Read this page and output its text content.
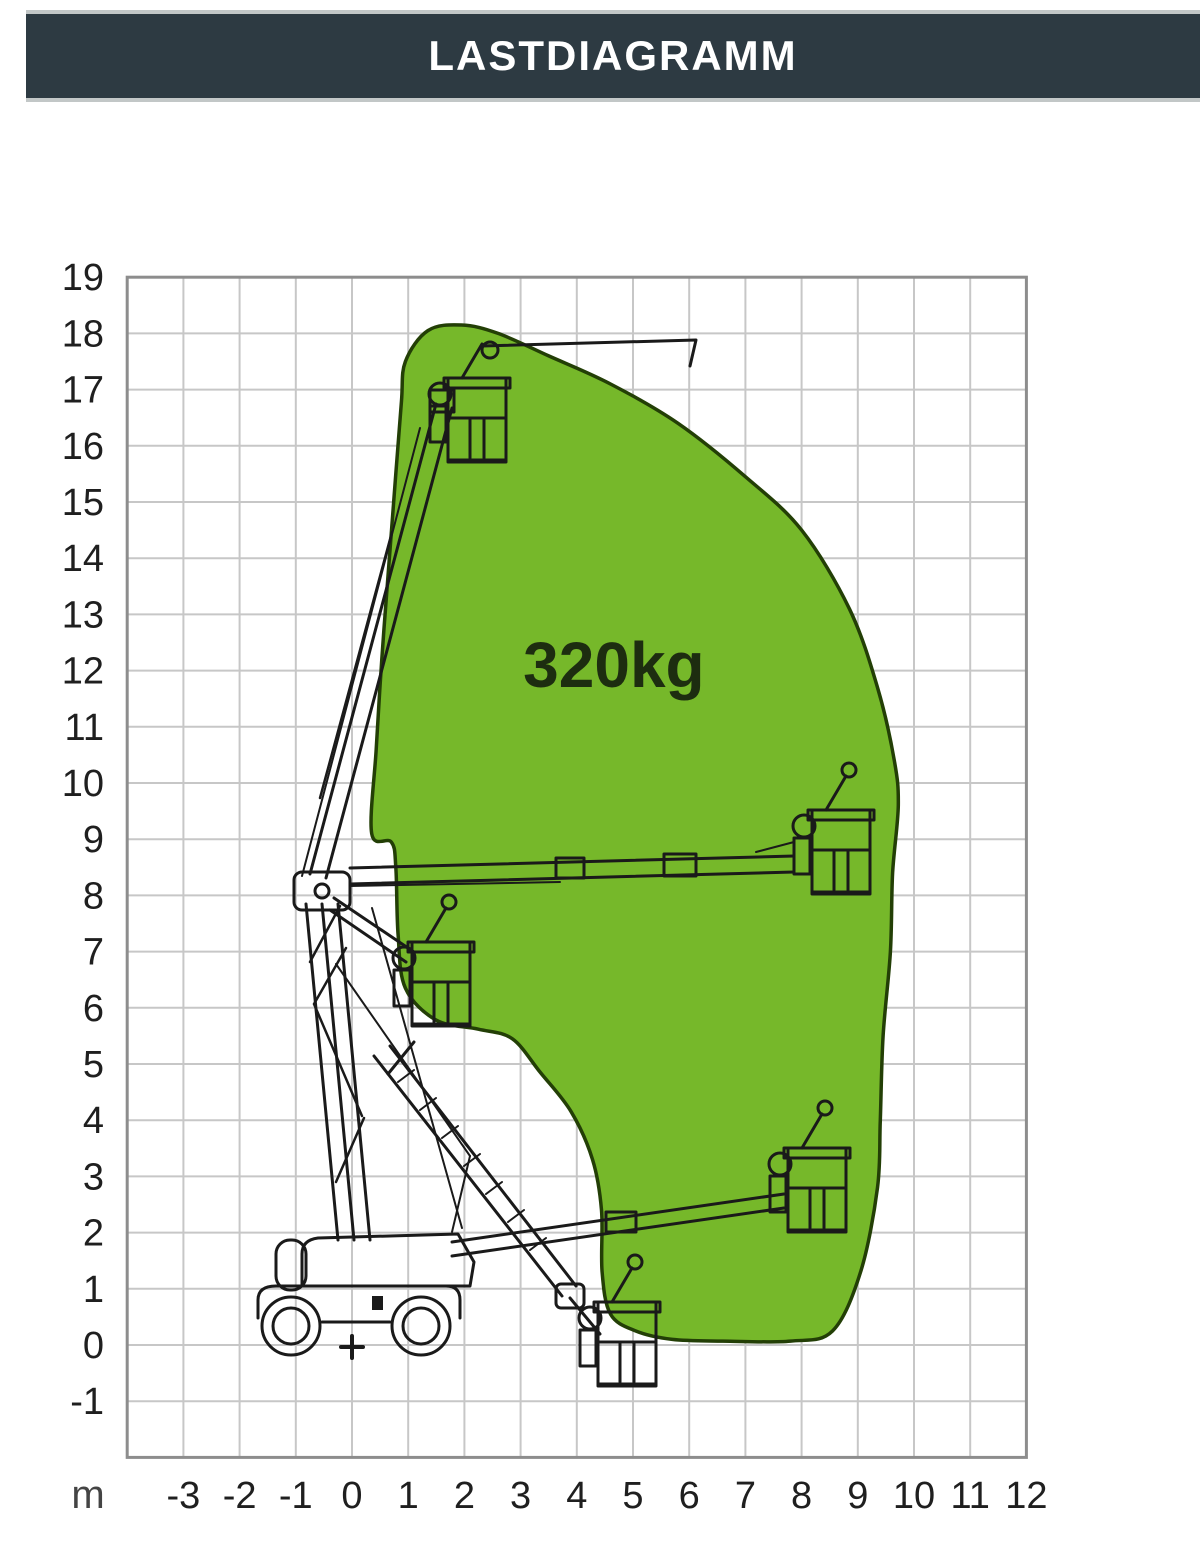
LASTDIAGRAMM
320kg
19
18
17
16
15
14
13
12
11
10
9
8
7
6
5
4
3
2
1
0
-1
-3 -2 -1 0 1 2 3 4 5 6 7 8 9 10 11 12
m
